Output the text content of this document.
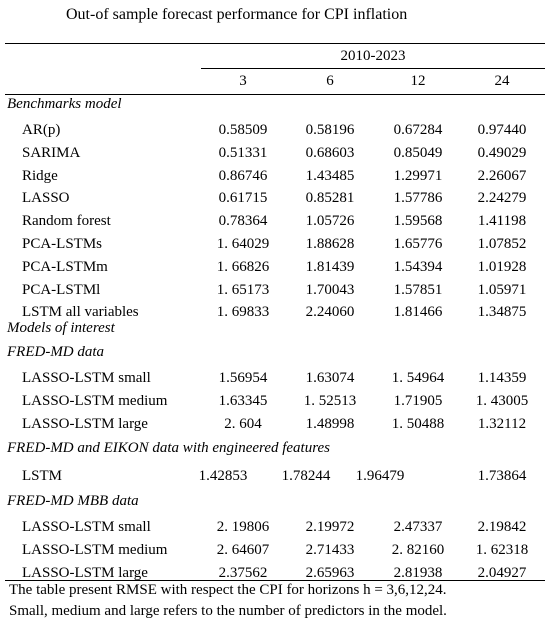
Out-of sample forecast performance for CPI inflation
2010-2023
3	6	12	24
Benchmarks model
AR(p)	0.58509	0.58196	0.67284	0.97440
SARIMA	0.51331	0.68603	0.85049	0.49029
Ridge	0.86746	1.43485	1.29971	2.26067
LASSO	0.61715	0.85281	1.57786	2.24279
Random forest	0.78364	1.05726	1.59568	1.41198
PCA-LSTMs	1. 64029	1.88628	1.65776	1.07852
PCA-LSTMm	1. 66826	1.81439	1.54394	1.01928
PCA-LSTMl	1. 65173	1.70043	1.57851	1.05971
LSTM all variables	1. 69833	2.24060	1.81466	1.34875
Models of interest
FRED-MD data
LASSO-LSTM small	1.56954	1.63074	1. 54964	1.14359
LASSO-LSTM medium	1.63345	1. 52513	1.71905	1. 43005
LASSO-LSTM large	2. 604	1.48998	1. 50488	1.32112
FRED-MD and EIKON data with engineered features
LSTM	1.42853	1.78244	1.96479	1.73864
FRED-MD MBB data
LASSO-LSTM small	2. 19806	2.19972	2.47337	2.19842
LASSO-LSTM medium	2. 64607	2.71433	2. 82160	1. 62318
LASSO-LSTM large	2.37562	2.65963	2.81938	2.04927
The table present RMSE with respect the CPI for horizons h = 3,6,12,24.
Small, medium and large refers to the number of predictors in the model.
